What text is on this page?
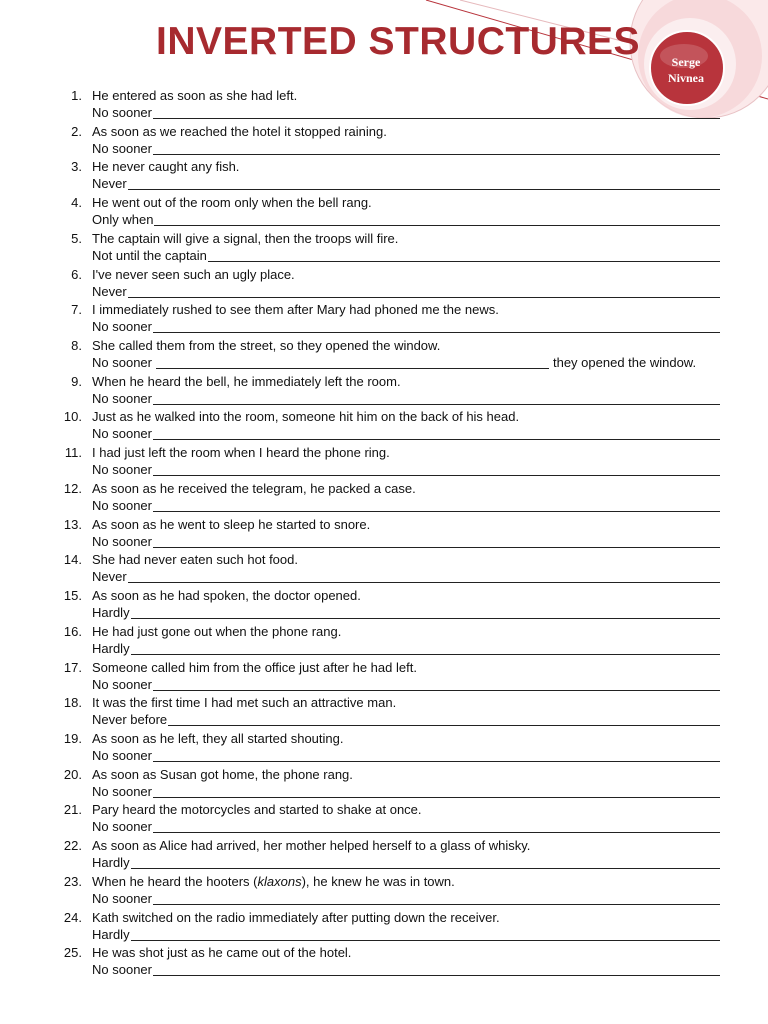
INVERTED STRUCTURES	Serge
Nivnea
1. He entered as soon as she had left.
No sooner
2. As soon as we reached the hotel it stopped raining.
No sooner
3. He never caught any fish.
Never
4. He went out of the room only when the bell rang.
Only when
5. The captain will give a signal, then the troops will fire.
Not until the captain
6. I've never seen such an ugly place.
Never
7. I immediately rushed to see them after Mary had phoned me the news.
No sooner
8. She called them from the street, so they opened the window.
No sooner	they opened the window.
9. When he heard the bell, he immediately left the room.
No sooner
10. Just as he walked into the room, someone hit him on the back of his head.
No sooner
11. I had just left the room when I heard the phone ring.
No sooner
12. As soon as he received the telegram, he packed a case.
No sooner
13. As soon as he went to sleep he started to snore.
No sooner
14. She had never eaten such hot food.
Never
15. As soon as he had spoken, the doctor opened.
Hardly
16. He had just gone out when the phone rang.
Hardly
17. Someone called him from the office just after he had left.
No sooner
18. It was the first time I had met such an attractive man.
Never before
19. As soon as he left, they all started shouting.
No sooner
20. As soon as Susan got home, the phone rang.
No sooner
21. Pary heard the motorcycles and started to shake at once.
No sooner
22. As soon as Alice had arrived, her mother helped herself to a glass of whisky.
Hardly
23. When he heard the hooters (klaxons), he knew he was in town.
No sooner
24. Kath switched on the radio immediately after putting down the receiver.
Hardly
25. He was shot just as he came out of the hotel.
No sooner
